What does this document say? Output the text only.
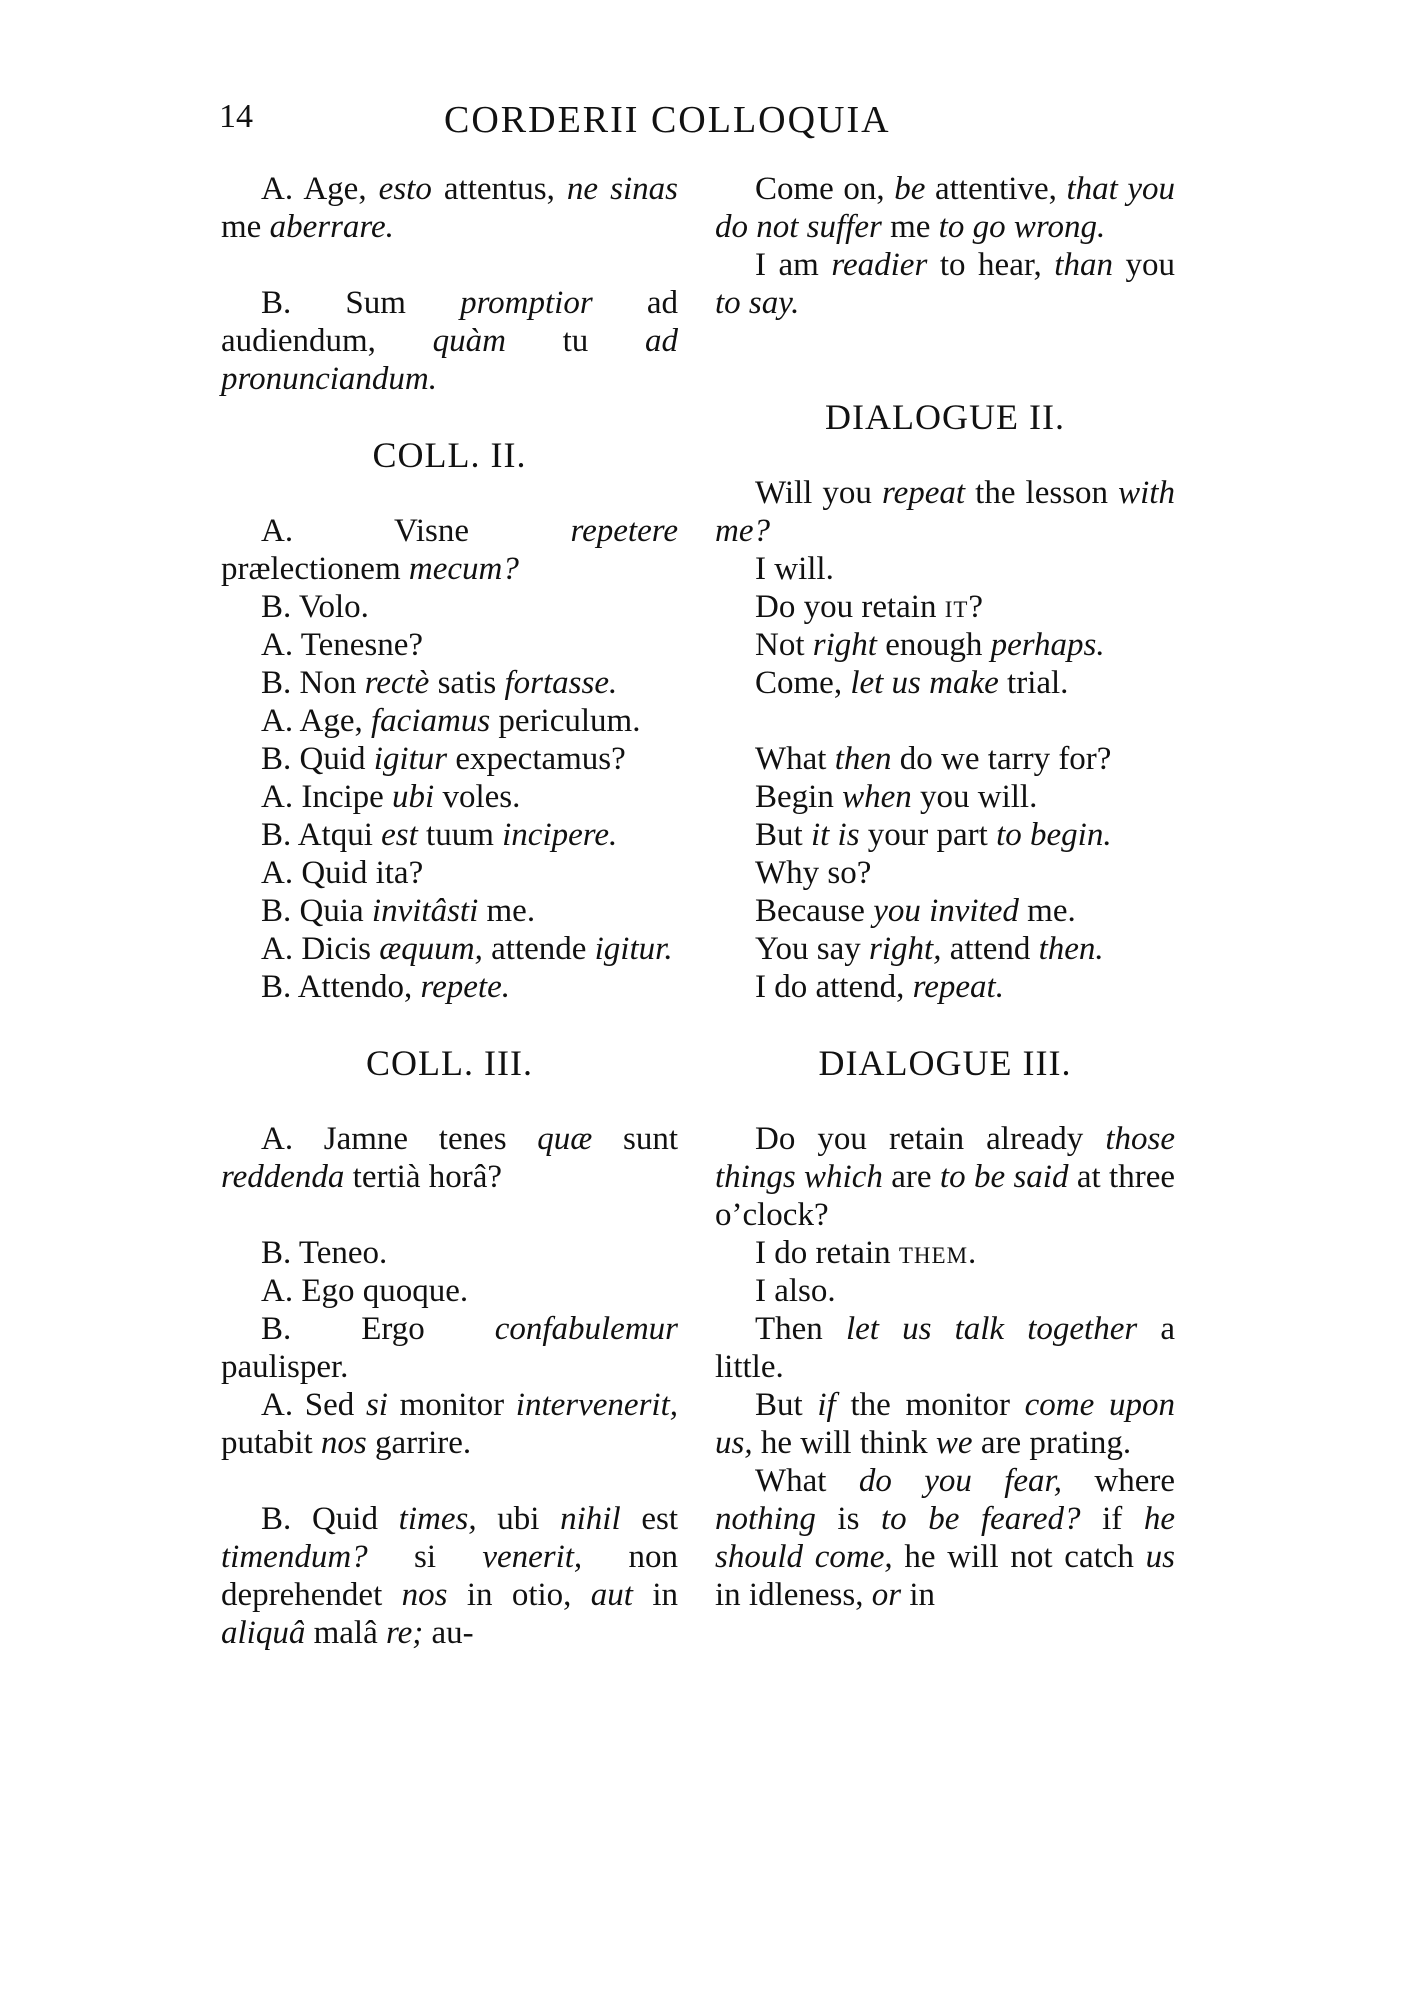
14	CORDERII COLLOQUIA

A. Age, esto attentus, ne sinas me aberrare.

B. Sum promptior ad audiendum, quàm tu ad pronunciandum.

COLL. II.

A. Visne repetere prælectionem mecum?

B. Volo.

A. Tenesne?

B. Non rectè satis fortasse.

A. Age, faciamus periculum.

B. Quid igitur expectamus?

A. Incipe ubi voles.

B. Atqui est tuum incipere.

A. Quid ita?

B. Quia invitâsti me.

A. Dicis æquum, attende igitur.

B. Attendo, repete.

COLL. III.

A. Jamne tenes quæ sunt reddenda tertià horâ?

B. Teneo.

A. Ego quoque.

B. Ergo confabulemur paulisper.

A. Sed si monitor intervenerit, putabit nos garrire.

B. Quid times, ubi nihil est timendum? si venerit, non deprehendet nos in otio, aut in aliquâ malâ re; au-

Come on, be attentive, that you do not suffer me to go wrong.

I am readier to hear, than you to say.

DIALOGUE II.

Will you repeat the lesson with me?

I will.

Do you retain it?

Not right enough perhaps.

Come, let us make trial.

What then do we tarry for?

Begin when you will.

But it is your part to begin.

Why so?

Because you invited me.

You say right, attend then.

I do attend, repeat.

DIALOGUE III.

Do you retain already those things which are to be said at three o’clock?

I do retain them.

I also.

Then let us talk together a little.

But if the monitor come upon us, he will think we are prating.

What do you fear, where nothing is to be feared? if he should come, he will not catch us in idleness, or in
